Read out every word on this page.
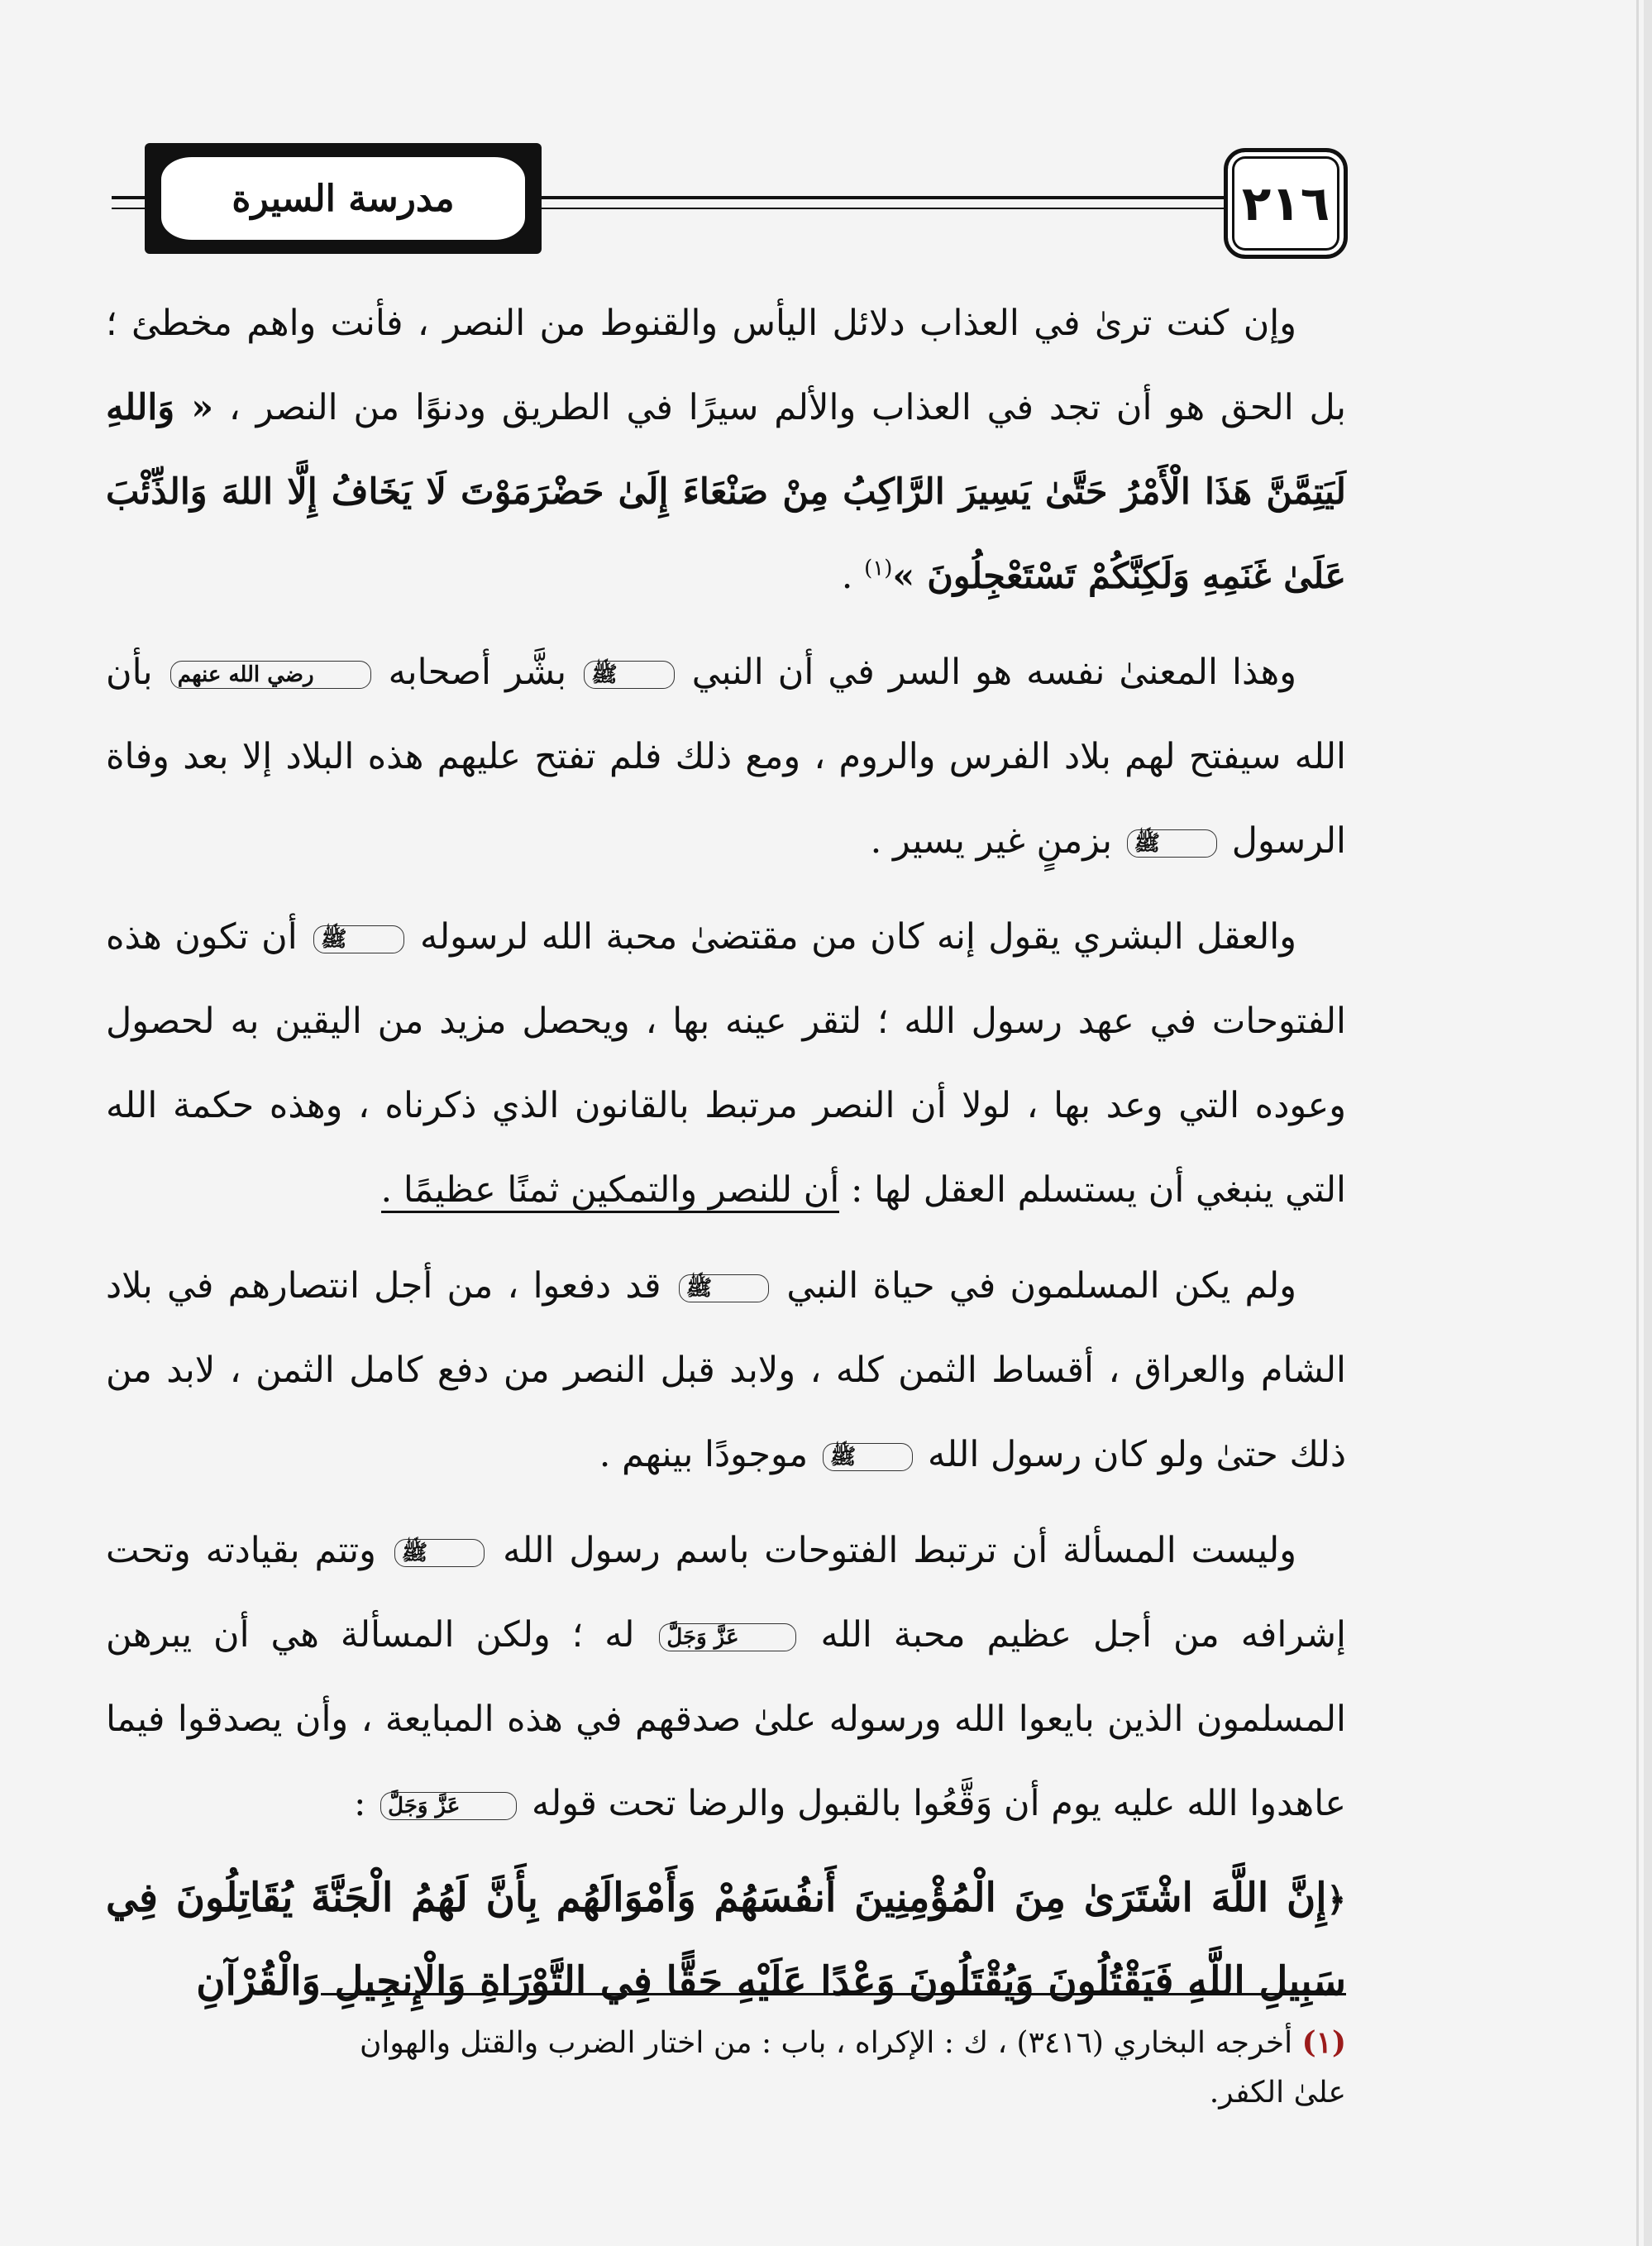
٢١٦
مدرسة السيرة

وإن كنت ترىٰ في العذاب دلائل اليأس والقنوط من النصر ، فأنت واهم مخطئ ؛ بل الحق هو أن تجد في العذاب والألم سيرًا في الطريق ودنوًا من النصر ، « وَاللهِ لَيَتِمَّنَّ هَذَا الْأَمْرُ حَتَّىٰ يَسِيرَ الرَّاكِبُ مِنْ صَنْعَاءَ إِلَىٰ حَضْرَمَوْتَ لَا يَخَافُ إِلَّا اللهَ وَالذِّئْبَ عَلَىٰ غَنَمِهِ وَلَكِنَّكُمْ تَسْتَعْجِلُونَ »$^{(١)}$ .

وهذا المعنىٰ نفسه هو السر في أن النبي ﷺ بشَّر أصحابه رضي الله عنهم بأن الله سيفتح لهم بلاد الفرس والروم ، ومع ذلك فلم تفتح عليهم هذه البلاد إلا بعد وفاة الرسول ﷺ بزمنٍ غير يسير .

والعقل البشري يقول إنه كان من مقتضىٰ محبة الله لرسوله ﷺ أن تكون هذه الفتوحات في عهد رسول الله ؛ لتقر عينه بها ، ويحصل مزيد من اليقين به لحصول وعوده التي وعد بها ، لولا أن النصر مرتبط بالقانون الذي ذكرناه ، وهذه حكمة الله التي ينبغي أن يستسلم العقل لها : أن للنصر والتمكين ثمنًا عظيمًا .

ولم يكن المسلمون في حياة النبي ﷺ قد دفعوا ، من أجل انتصارهم في بلاد الشام والعراق ، أقساط الثمن كله ، ولابد قبل النصر من دفع كامل الثمن ، لابد من ذلك حتىٰ ولو كان رسول الله ﷺ موجودًا بينهم .

وليست المسألة أن ترتبط الفتوحات باسم رسول الله ﷺ وتتم بقيادته وتحت إشرافه من أجل عظيم محبة الله عَزَّ وَجَلَّ له ؛ ولكن المسألة هي أن يبرهن المسلمون الذين بايعوا الله ورسوله علىٰ صدقهم في هذه المبايعة ، وأن يصدقوا فيما عاهدوا الله عليه يوم أن وَقَّعُوا بالقبول والرضا تحت قوله عَزَّ وَجَلَّ :

﴿إِنَّ اللَّهَ اشْتَرَىٰ مِنَ الْمُؤْمِنِينَ أَنفُسَهُمْ وَأَمْوَالَهُم بِأَنَّ لَهُمُ الْجَنَّةَ يُقَاتِلُونَ فِي سَبِيلِ اللَّهِ فَيَقْتُلُونَ وَيُقْتَلُونَ وَعْدًا عَلَيْهِ حَقًّا فِي التَّوْرَاةِ وَالْإِنجِيلِ وَالْقُرْآنِ

(١) أخرجه البخاري (٣٤١٦) ، ك : الإكراه ، باب : من اختار الضرب والقتل والهوان علىٰ الكفر.
